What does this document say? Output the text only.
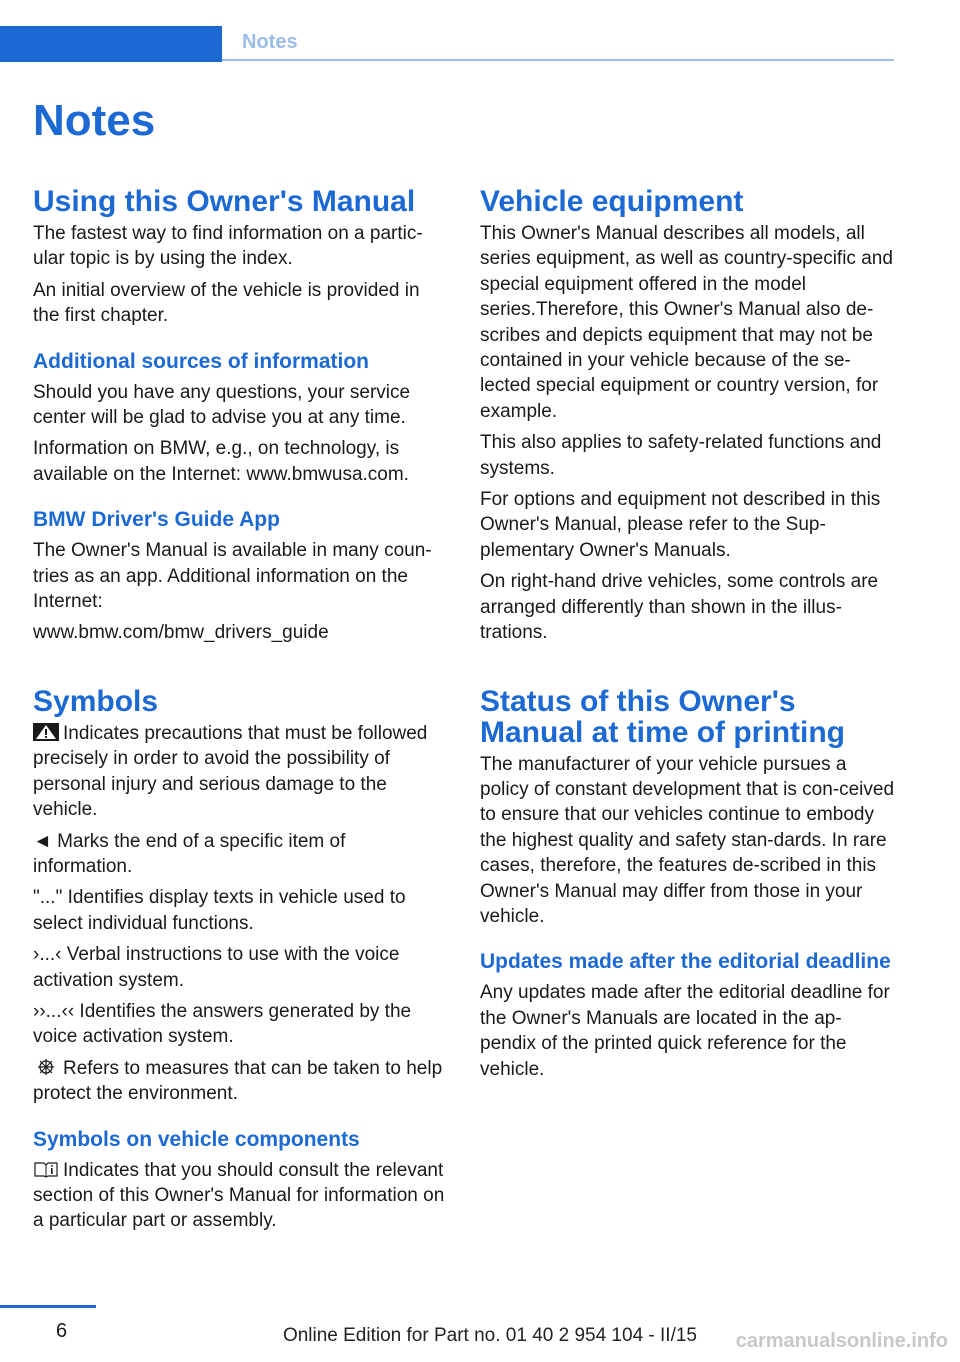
Notes
Notes
Using this Owner's Manual

The fastest way to find information on a partic-ular topic is by using the index.

An initial overview of the vehicle is provided in the first chapter.

Additional sources of information

Should you have any questions, your service center will be glad to advise you at any time.

Information on BMW, e.g., on technology, is available on the Internet: www.bmwusa.com.

BMW Driver's Guide App

The Owner's Manual is available in many coun-tries as an app. Additional information on the Internet:

www.bmw.com/bmw_drivers_guide

Symbols

Indicates precautions that must be followed precisely in order to avoid the possibility of personal injury and serious damage to the vehicle.

◄ Marks the end of a specific item of information.

"..." Identifies display texts in vehicle used to select individual functions.

›...‹ Verbal instructions to use with the voice activation system.

››...‹‹ Identifies the answers generated by the voice activation system.

Refers to measures that can be taken to help protect the environment.

Symbols on vehicle components

Indicates that you should consult the relevant section of this Owner's Manual for information on a particular part or assembly.

Vehicle equipment

This Owner's Manual describes all models, all series equipment, as well as country-specific and special equipment offered in the model series.Therefore, this Owner's Manual also de-scribes and depicts equipment that may not be contained in your vehicle because of the se-lected special equipment or country version, for example.

This also applies to safety-related functions and systems.

For options and equipment not described in this Owner's Manual, please refer to the Sup-plementary Owner's Manuals.

On right-hand drive vehicles, some controls are arranged differently than shown in the illus-trations.

Status of this Owner's Manual at time of printing

The manufacturer of your vehicle pursues a policy of constant development that is con-ceived to ensure that our vehicles continue to embody the highest quality and safety stan-dards. In rare cases, therefore, the features de-scribed in this Owner's Manual may differ from those in your vehicle.

Updates made after the editorial deadline

Any updates made after the editorial deadline for the Owner's Manuals are located in the ap-pendix of the printed quick reference for the vehicle.

6	Online Edition for Part no. 01 40 2 954 104 - II/15 carmanualsonline.info
